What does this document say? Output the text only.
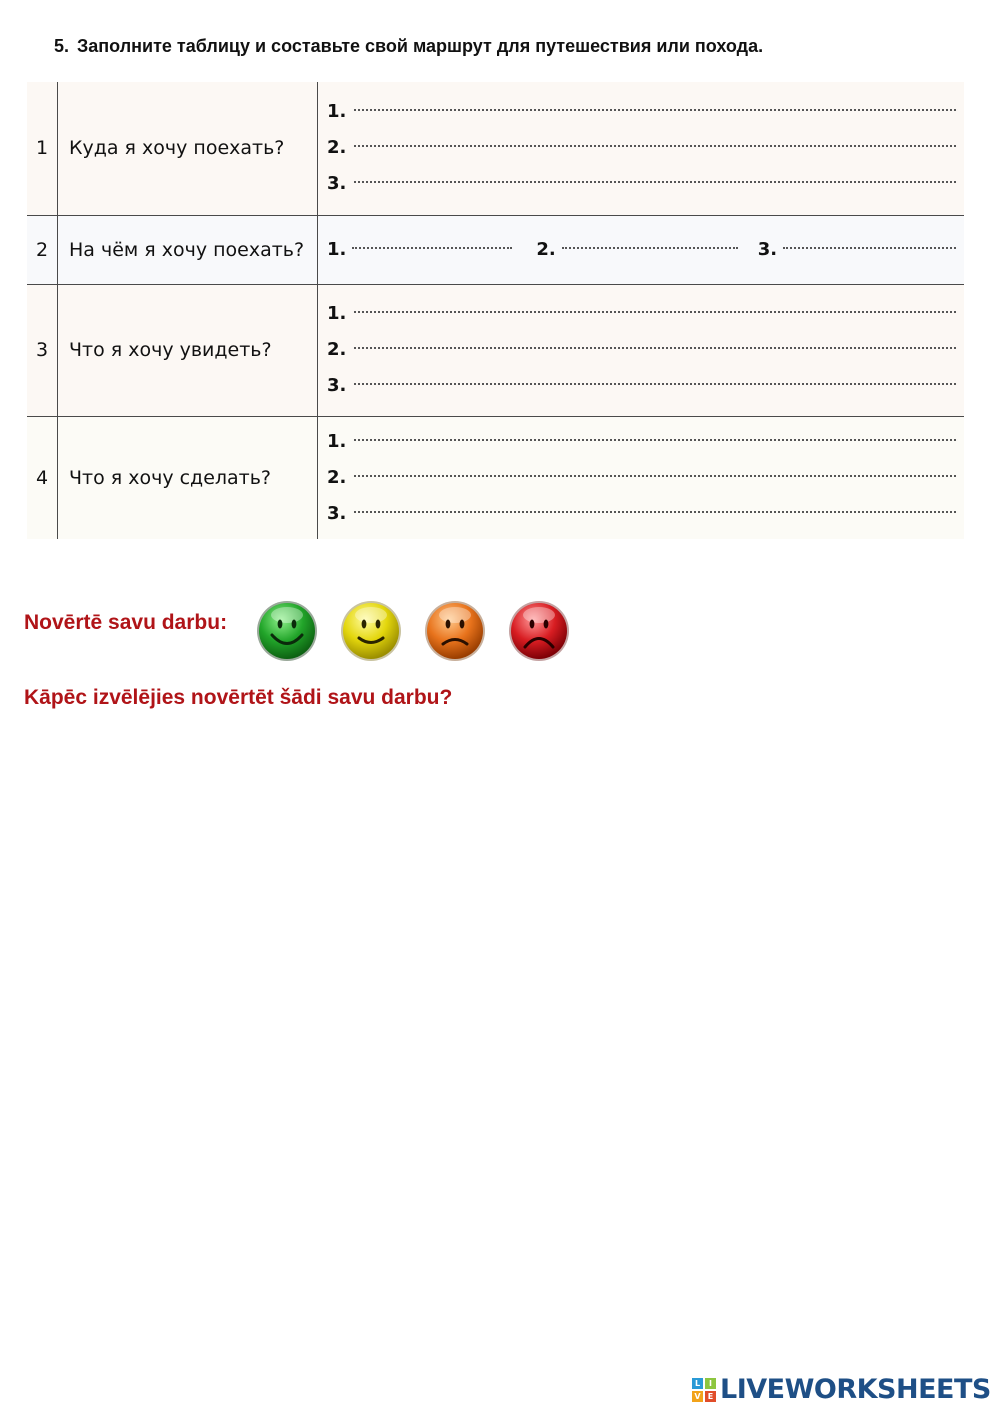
5. Заполните таблицу и составьте свой маршрут для путешествия или похода.
1	Куда я хочу поехать?	1.
2.
3.

2	На чём я хочу поехать?	1. 2. 3.

3	Что я хочу увидеть?	1.
2.
3.

4	Что я хочу сделать?	1.
2.
3.
Novērtē savu darbu:
Kāpēc izvēlējies novērtēt šādi savu darbu?
L	I
V E LIVEWORKSHEETS
